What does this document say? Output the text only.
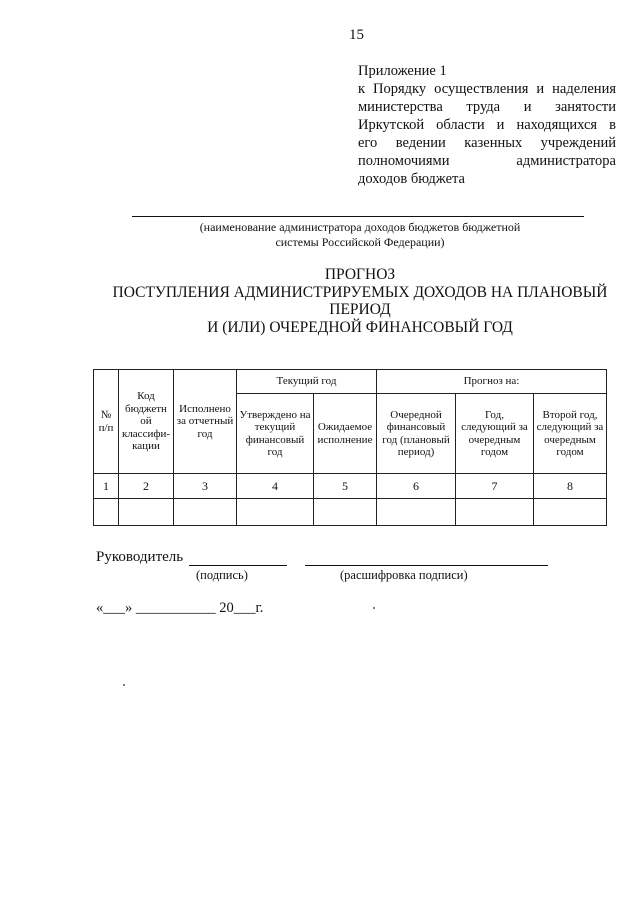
15
Приложение 1
к Порядку осуществления и наделения
министерства труда и занятости
Иркутской области и находящихся в
его ведении казенных учреждений
полномочиями администратора
доходов бюджета
(наименование администратора доходов бюджетов бюджетной
системы Российской Федерации)
ПРОГНОЗ
ПОСТУПЛЕНИЯ АДМИНИСТРИРУЕМЫХ ДОХОДОВ НА ПЛАНОВЫЙ
ПЕРИОД
И (ИЛИ) ОЧЕРЕДНОЙ ФИНАНСОВЫЙ ГОД
№ п/п	Код бюджетн ой классификации	Исполнено за отчетный год	Текущий год		Прогноз на:		
			Утверждено на текущий финансовый год	Ожидаемое исполнение	Очередной финансовый год (плановый период)	Год, следующий за очередным годом	Второй год, следующий за очередным годом
1	2	3	4	5	6	7	8

Руководитель
(подпись)	(расшифровка подписи)
«___» ___________ 20___г.
